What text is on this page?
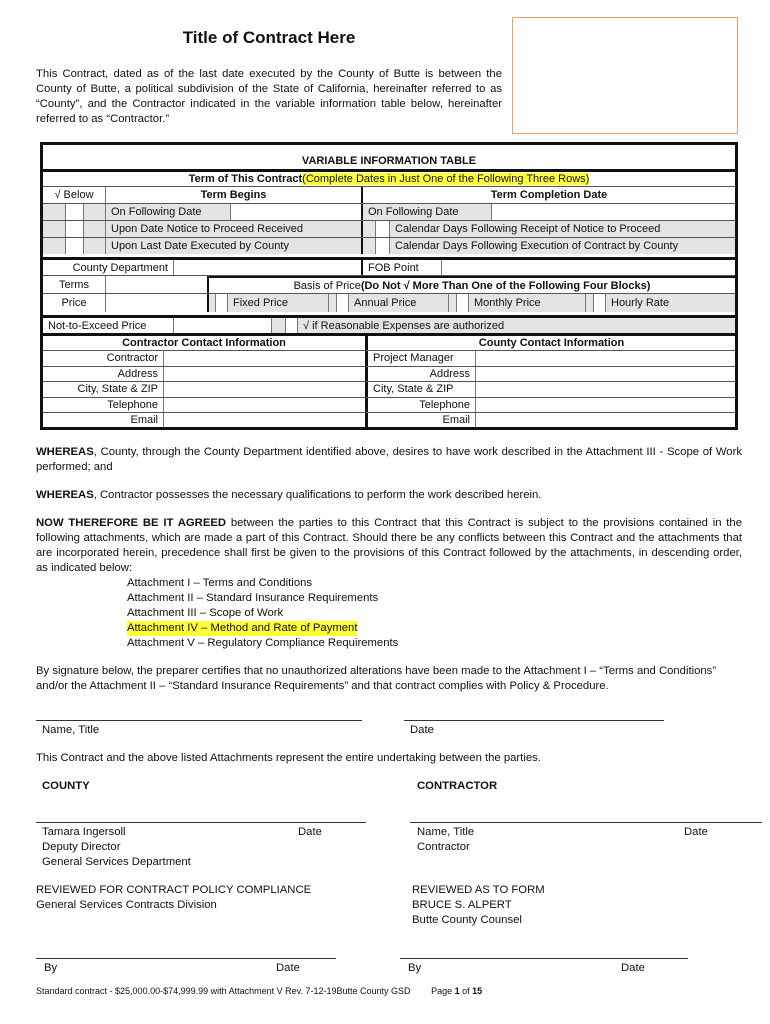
Title of Contract Here
This Contract, dated as of the last date executed by the County of Butte is between the County of Butte, a political subdivision of the State of California, hereinafter referred to as “County”, and the Contractor indicated in the variable information table below, hereinafter referred to as “Contractor.”
VARIABLE INFORMATION TABLE
Term of This Contract (Complete Dates in Just One of the Following Three Rows)
√ Below	Term Begins	Term Completion Date
On Following Date	On Following Date
Upon Date Notice to Proceed Received	Calendar Days Following Receipt of Notice to Proceed
Upon Last Date Executed by County	Calendar Days Following Execution of Contract by County
County Department	FOB Point
Terms	Basis of Price (Do Not √ More Than One of the Following Four Blocks)
Price	Fixed Price	Annual Price	Monthly Price	Hourly Rate
Not-to-Exceed Price	√ if Reasonable Expenses are authorized
Contractor Contact Information	County Contact Information
Contractor	Project Manager
Address	Address
City, State & ZIP	City, State & ZIP
Telephone	Telephone
Email	Email
WHEREAS, County, through the County Department identified above, desires to have work described in the Attachment III - Scope of Work performed; and
WHEREAS, Contractor possesses the necessary qualifications to perform the work described herein.
NOW THEREFORE BE IT AGREED between the parties to this Contract that this Contract is subject to the provisions contained in the following attachments, which are made a part of this Contract. Should there be any conflicts between this Contract and the attachments that are incorporated herein, precedence shall first be given to the provisions of this Contract followed by the attachments, in descending order, as indicated below:
Attachment I – Terms and Conditions
Attachment II – Standard Insurance Requirements
Attachment III – Scope of Work
Attachment IV – Method and Rate of Payment
Attachment V – Regulatory Compliance Requirements
By signature below, the preparer certifies that no unauthorized alterations have been made to the Attachment I – “Terms and Conditions” and/or the Attachment II – “Standard Insurance Requirements” and that contract complies with Policy & Procedure.
Name, Title	Date
This Contract and the above listed Attachments represent the entire undertaking between the parties.
COUNTY	CONTRACTOR
Tamara Ingersoll	Date
Deputy Director
General Services Department
Name, Title	Date
Contractor
REVIEWED FOR CONTRACT POLICY COMPLIANCE
General Services Contracts Division
REVIEWED AS TO FORM
BRUCE S. ALPERT
Butte County Counsel
By	Date	By	Date
Standard contract - $25,000.00-$74,999.99 with Attachment V Rev. 7-12-19Butte County GSD Page 1 of 15
